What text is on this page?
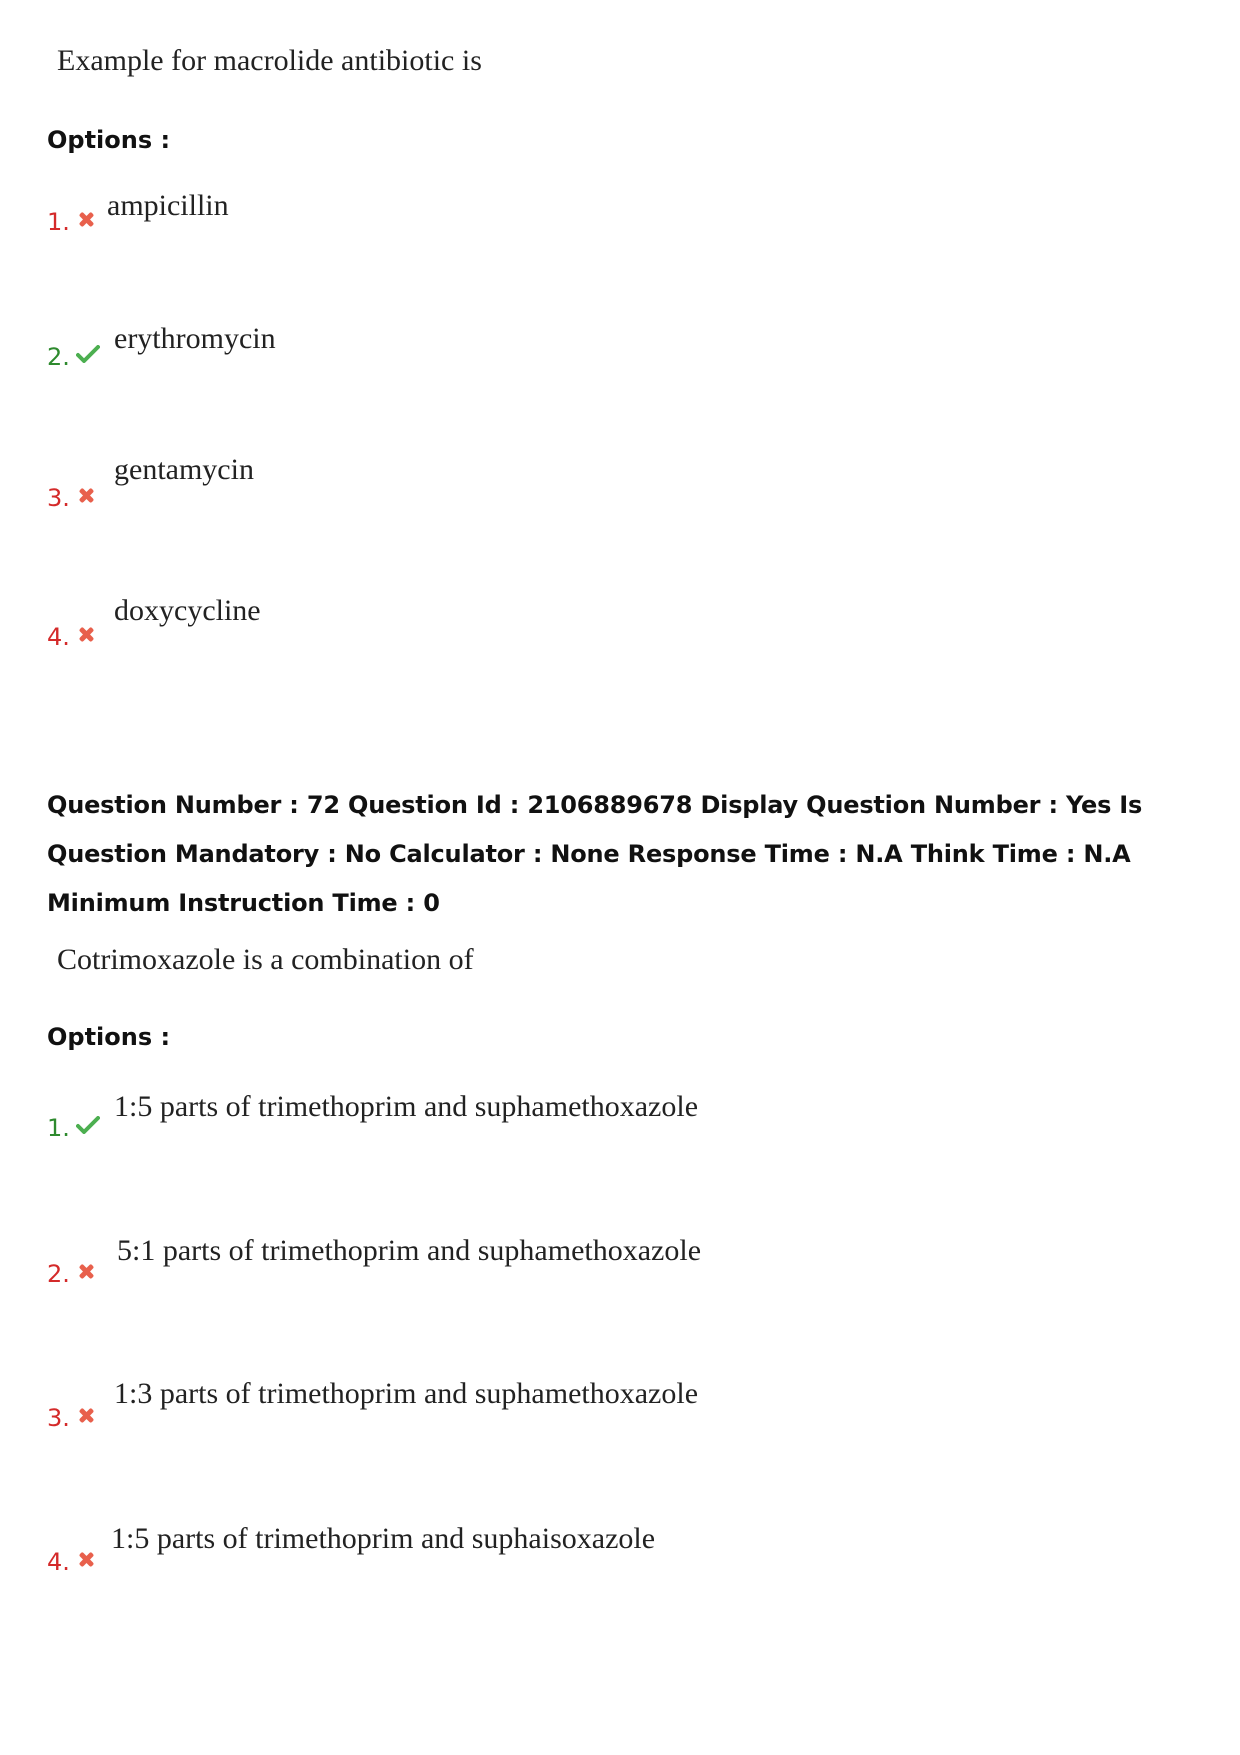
Example for macrolide antibiotic is
Options :
1. ampicillin
2.
erythromycin
3.
gentamycin
4.
doxycycline
Question Number : 72 Question Id : 2106889678 Display Question Number : Yes Is Question Mandatory : No Calculator : None Response Time : N.A Think Time : N.A Minimum Instruction Time : 0
Cotrimoxazole is a combination of
Options :
1.
1:5 parts of trimethoprim and suphamethoxazole
2.
5:1 parts of trimethoprim and suphamethoxazole
3.
1:3 parts of trimethoprim and suphamethoxazole
4.
1:5 parts of trimethoprim and suphaisoxazole
